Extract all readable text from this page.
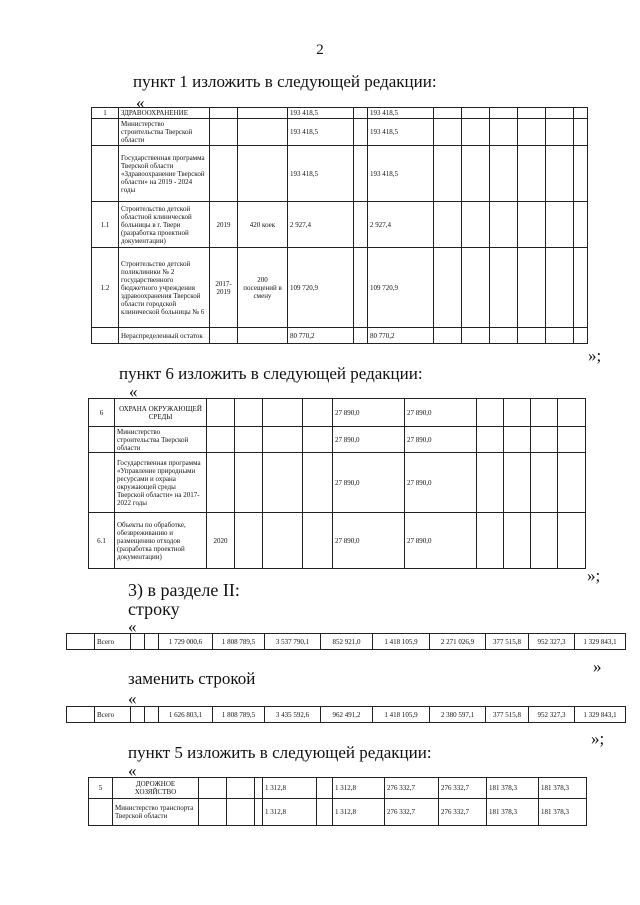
2
пункт 1 изложить в следующей редакции:
«
1	ЗДРАВООХРАНЕНИЕ			193 418,5		193 418,5						
	Министерство строительства Тверской области			193 418,5		193 418,5						
	Государственная программа Тверской области «Здравоохранение Тверской области» на 2019 - 2024 годы			193 418,5		193 418,5						
1.1	Строительство детской областной клинической больницы в г. Твери (разработка проектной документации)	2019	420 коек	2 927,4		2 927,4						
1.2	Строительство детской поликлиники № 2 государственного бюджетного учреждения здравоохранения Тверской области городской клинической больницы № 6	2017-2019	200 посещений в смену	109 720,9		109 720,9						
	Нераспределенный остаток			80 770,2		80 770,2						
»;
пункт 6 изложить в следующей редакции:
«
6	ОХРАНА ОКРУЖАЮЩЕЙ СРЕДЫ					27 890,0	27 890,0				
	Министерство строительства Тверской области					27 890,0	27 890,0				
	Государственная программа «Управление природными ресурсами и охрана окружающей среды Тверской области» на 2017-2022 годы					27 890,0	27 890,0				
6.1	Объекты по обработке, обезвреживанию и размещению отходов (разработка проектной документации)	2020				27 890,0	27 890,0				
»;
3) в разделе II:
строку
«
	Всего			1 729 000,6	1 808 789,5	3 537 790,1	852 921,0	1 418 105,9	2 271 026,9	377 515,8	952 327,3	1 329 843,1
»
заменить строкой
«
	Всего			1 626 803,1	1 808 789,5	3 435 592,6	962 491,2	1 418 105,9	2 380 597,1	377 515,8	952 327,3	1 329 843,1
»;
пункт 5 изложить в следующей редакции:
«
5	ДОРОЖНОЕ ХОЗЯЙСТВО				1 312,8		1 312,8	276 332,7	276 332,7	181 378,3	181 378,3
	Министерство транспорта Тверской области				1 312,8		1 312,8	276 332,7	276 332,7	181 378,3	181 378,3
